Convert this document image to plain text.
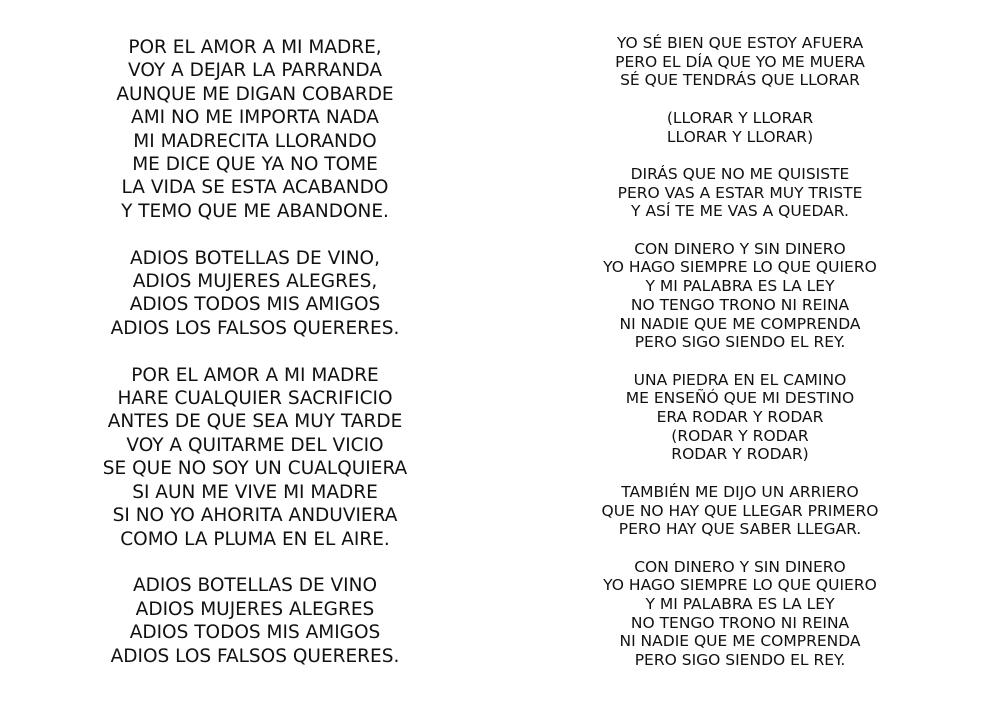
POR EL AMOR A MI MADRE,
VOY A DEJAR LA PARRANDA
AUNQUE ME DIGAN COBARDE
AMI NO ME IMPORTA NADA
MI MADRECITA LLORANDO
ME DICE QUE YA NO TOME
LA VIDA SE ESTA ACABANDO
Y TEMO QUE ME ABANDONE.
ADIOS BOTELLAS DE VINO,
ADIOS MUJERES ALEGRES,
ADIOS TODOS MIS AMIGOS
ADIOS LOS FALSOS QUERERES.
POR EL AMOR A MI MADRE
HARE CUALQUIER SACRIFICIO
ANTES DE QUE SEA MUY TARDE
VOY A QUITARME DEL VICIO
SE QUE NO SOY UN CUALQUIERA
SI AUN ME VIVE MI MADRE
SI NO YO AHORITA ANDUVIERA
COMO LA PLUMA EN EL AIRE.
ADIOS BOTELLAS DE VINO
ADIOS MUJERES ALEGRES
ADIOS TODOS MIS AMIGOS
ADIOS LOS FALSOS QUERERES.
YO SÉ BIEN QUE ESTOY AFUERA
PERO EL DÍA QUE YO ME MUERA
SÉ QUE TENDRÁS QUE LLORAR
(LLORAR Y LLORAR
LLORAR Y LLORAR)
DIRÁS QUE NO ME QUISISTE
PERO VAS A ESTAR MUY TRISTE
Y ASÍ TE ME VAS A QUEDAR.
CON DINERO Y SIN DINERO
YO HAGO SIEMPRE LO QUE QUIERO
Y MI PALABRA ES LA LEY
NO TENGO TRONO NI REINA
NI NADIE QUE ME COMPRENDA
PERO SIGO SIENDO EL REY.
UNA PIEDRA EN EL CAMINO
ME ENSEÑÓ QUE MI DESTINO
ERA RODAR Y RODAR
(RODAR Y RODAR
RODAR Y RODAR)
TAMBIÉN ME DIJO UN ARRIERO
QUE NO HAY QUE LLEGAR PRIMERO
PERO HAY QUE SABER LLEGAR.
CON DINERO Y SIN DINERO
YO HAGO SIEMPRE LO QUE QUIERO
Y MI PALABRA ES LA LEY
NO TENGO TRONO NI REINA
NI NADIE QUE ME COMPRENDA
PERO SIGO SIENDO EL REY.
